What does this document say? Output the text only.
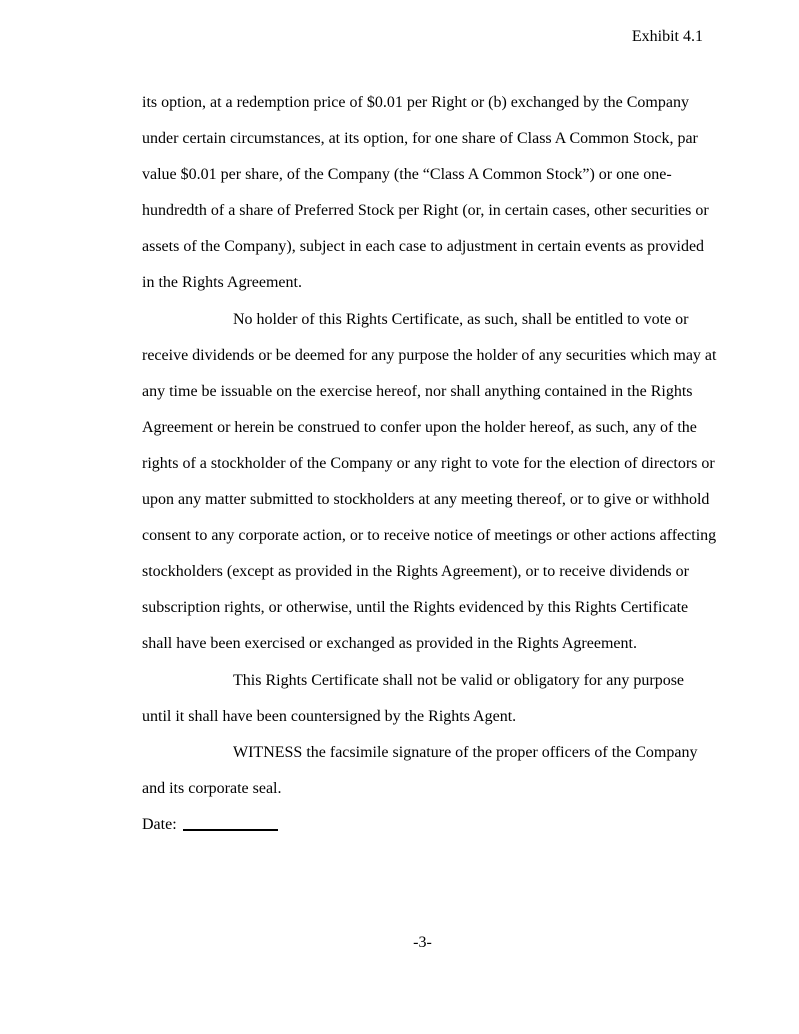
Exhibit 4.1
its option, at a redemption price of $0.01 per Right or (b) exchanged by the Company
under certain circumstances, at its option, for one share of Class A Common Stock, par
value $0.01 per share, of the Company (the “Class A Common Stock”) or one one-
hundredth of a share of Preferred Stock per Right (or, in certain cases, other securities or
assets of the Company), subject in each case to adjustment in certain events as provided
in the Rights Agreement.
No holder of this Rights Certificate, as such, shall be entitled to vote or
receive dividends or be deemed for any purpose the holder of any securities which may at
any time be issuable on the exercise hereof, nor shall anything contained in the Rights
Agreement or herein be construed to confer upon the holder hereof, as such, any of the
rights of a stockholder of the Company or any right to vote for the election of directors or
upon any matter submitted to stockholders at any meeting thereof, or to give or withhold
consent to any corporate action, or to receive notice of meetings or other actions affecting
stockholders (except as provided in the Rights Agreement), or to receive dividends or
subscription rights, or otherwise, until the Rights evidenced by this Rights Certificate
shall have been exercised or exchanged as provided in the Rights Agreement.
This Rights Certificate shall not be valid or obligatory for any purpose
until it shall have been countersigned by the Rights Agent.
WITNESS the facsimile signature of the proper officers of the Company
and its corporate seal.
Date:
-3-
